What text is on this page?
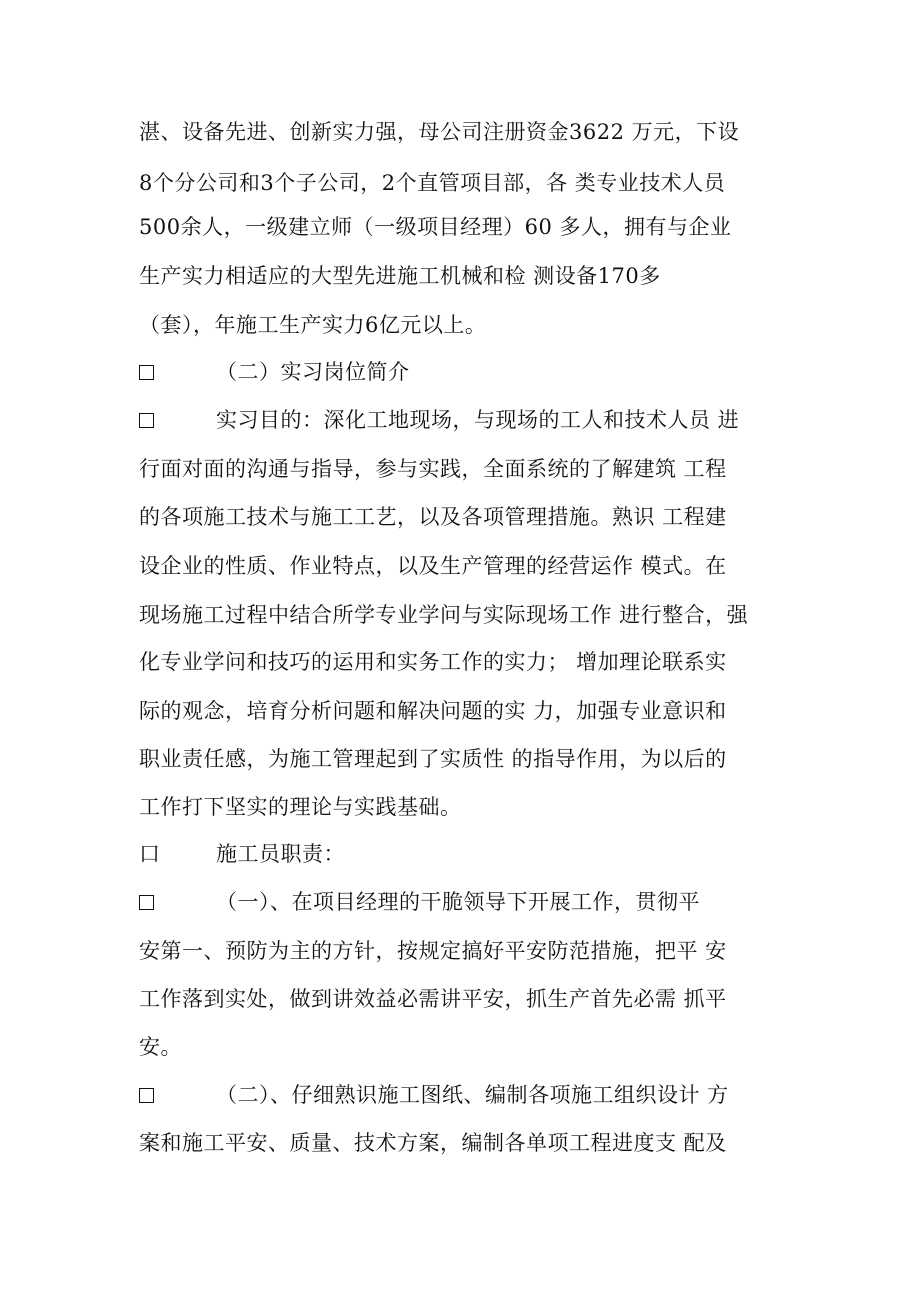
湛、设备先进、创新实力强，母公司注册资金3622 万元，下设
8个分公司和3个子公司，2个直管项目部，各 类专业技术人员
500余人，一级建立师（一级项目经理）60 多人，拥有与企业
生产实力相适应的大型先进施工机械和检 测设备170多
（套），年施工生产实力6亿元以上。
（二）实习岗位简介
实习目的：深化工地现场，与现场的工人和技术人员 进
行面对面的沟通与指导，参与实践，全面系统的了解建筑 工程
的各项施工技术与施工工艺，以及各项管理措施。熟识 工程建
设企业的性质、作业特点，以及生产管理的经营运作 模式。在
现场施工过程中结合所学专业学问与实际现场工作 进行整合，强
化专业学问和技巧的运用和实务工作的实力； 增加理论联系实
际的观念，培育分析问题和解决问题的实 力，加强专业意识和
职业责任感，为施工管理起到了实质性 的指导作用，为以后的
工作打下坚实的理论与实践基础。
口	施工员职责：
（一）、在项目经理的干脆领导下开展工作，贯彻平
安第一、预防为主的方针，按规定搞好平安防范措施，把平 安
工作落到实处，做到讲效益必需讲平安，抓生产首先必需 抓平
安。
（二）、仔细熟识施工图纸、编制各项施工组织设计 方
案和施工平安、质量、技术方案，编制各单项工程进度支 配及
